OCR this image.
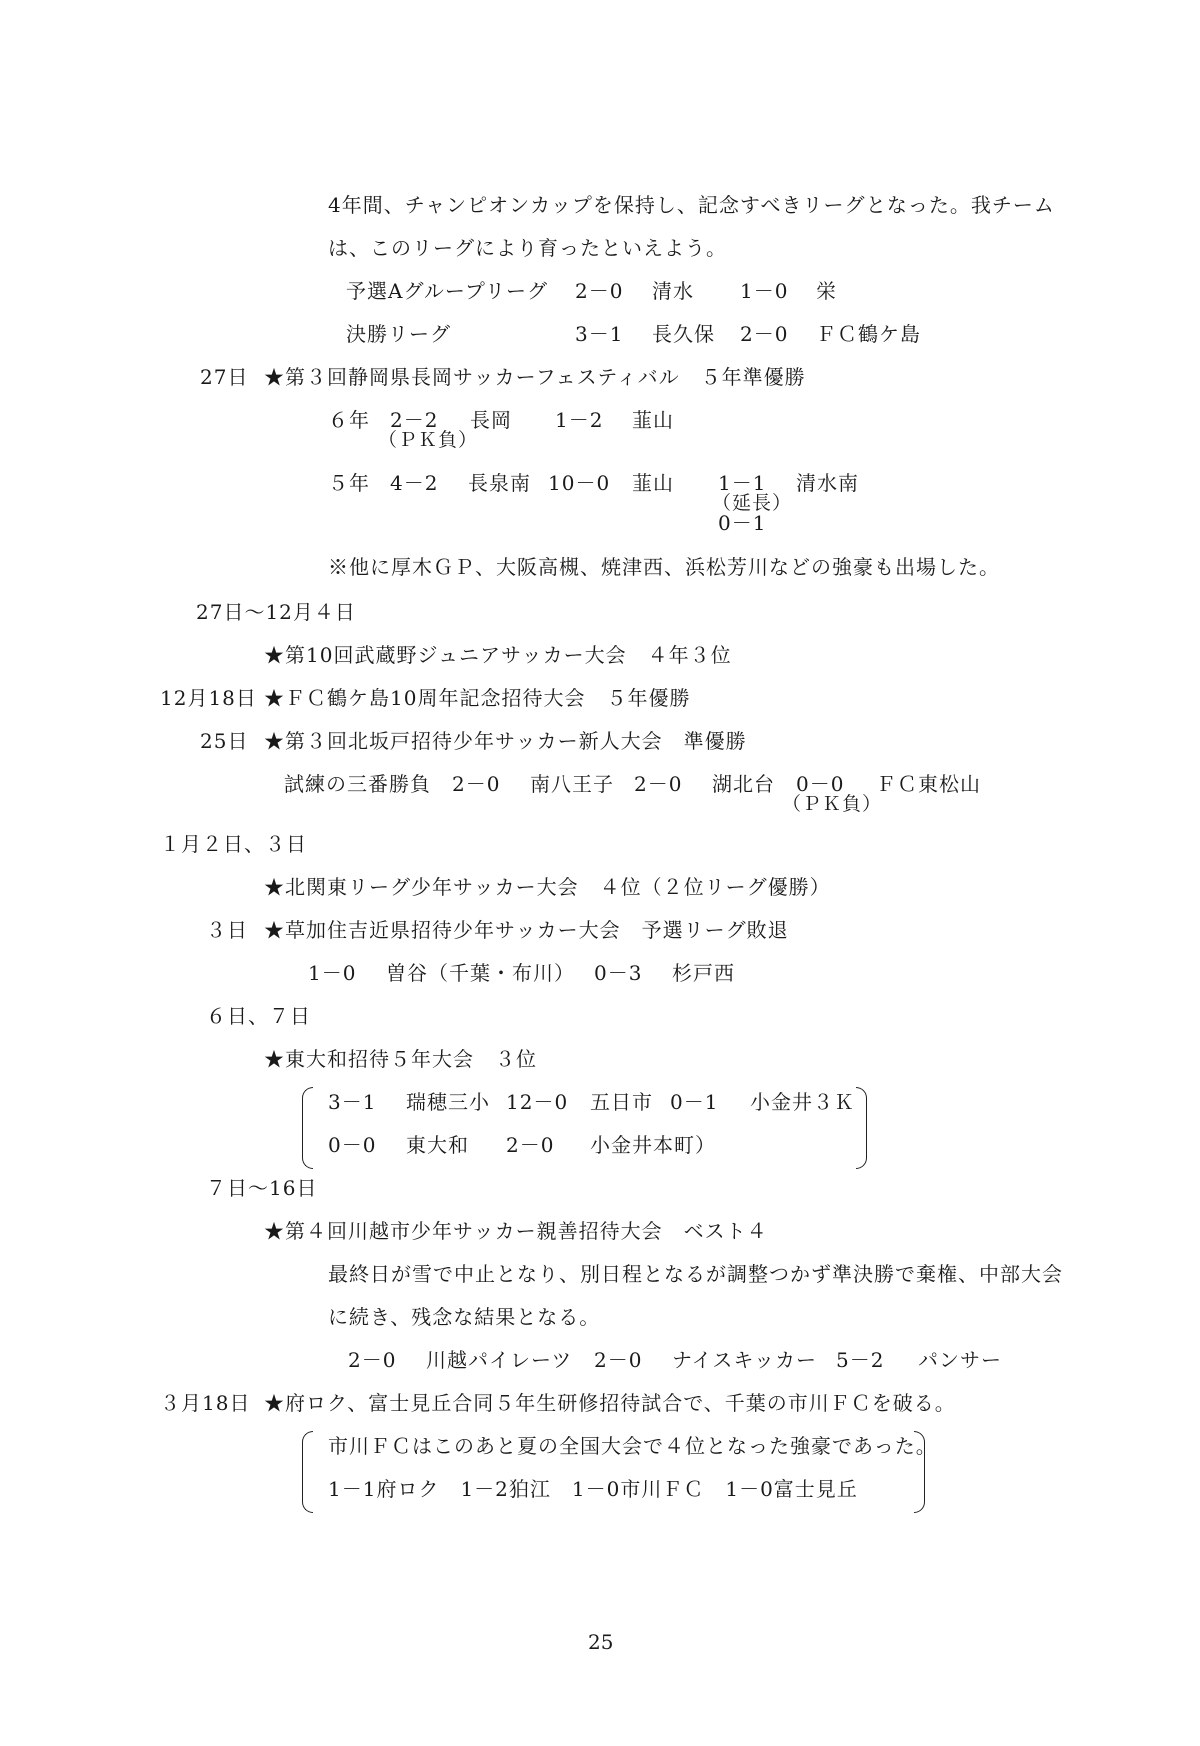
4年間、チャンピオンカップを保持し、記念すべきリーグとなった。我チーム
は、このリーグにより育ったといえよう。
予選Aグループリーグ 2－0 清水 1－0 栄
決勝リーグ	3－1 長久保 2－0 ＦＣ鶴ケ島
27日 ★第３回静岡県長岡サッカーフェスティバル　５年準優勝
６年 2－2
（ＰＫ負）
長岡 1－2 韮山
５年 4－2 長泉南 10－0 韮山 1－1
（延長）
0－1
清水南
※他に厚木ＧＰ、大阪高槻、焼津西、浜松芳川などの強豪も出場した。
27日～12月４日
★第10回武蔵野ジュニアサッカー大会　４年３位
12月18日 ★ＦＣ鶴ケ島10周年記念招待大会　５年優勝
25日 ★第３回北坂戸招待少年サッカー新人大会　準優勝
試練の三番勝負 2－0 南八王子 2－0 湖北台 0－0
（ＰＫ負）
ＦＣ東松山
１月２日、３日
★北関東リーグ少年サッカー大会　４位（２位リーグ優勝）
３日 ★草加住吉近県招待少年サッカー大会　予選リーグ敗退
1－0 曽谷（千葉・布川） 0－3 杉戸西
６日、７日
★東大和招待５年大会　３位
3－1 瑞穂三小 12－0 五日市 0－1 小金井３Ｋ
0－0 東大和 2－0 小金井本町）
７日～16日
★第４回川越市少年サッカー親善招待大会　ベスト４
最終日が雪で中止となり、別日程となるが調整つかず準決勝で棄権、中部大会
に続き、残念な結果となる。
2－0 川越パイレーツ 2－0 ナイスキッカー 5－2 パンサー
３月18日 ★府ロク、富士見丘合同５年生研修招待試合で、千葉の市川ＦＣを破る。
市川ＦＣはこのあと夏の全国大会で４位となった強豪であった。
1－1府ロク　1－2狛江　1－0市川ＦＣ　1－0富士見丘
25
